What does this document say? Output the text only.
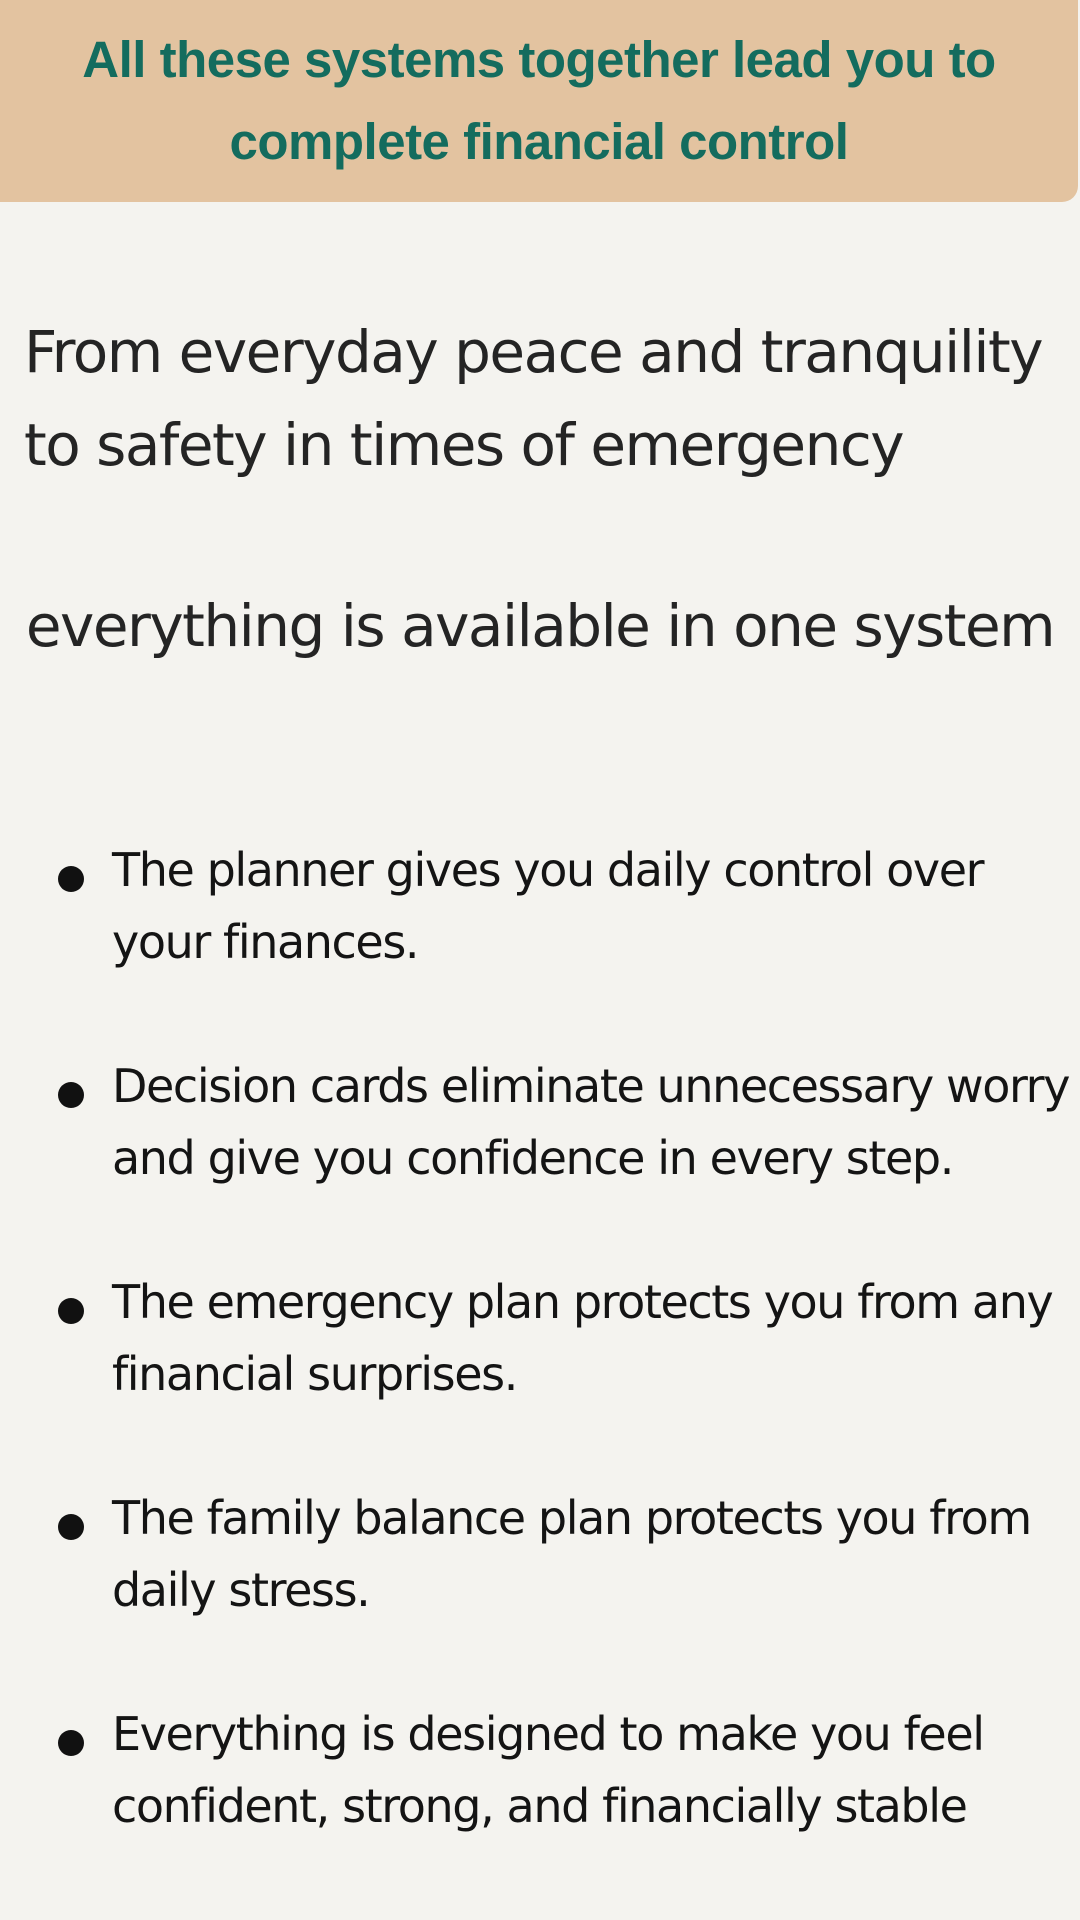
All these systems together lead you to complete financial control

From everyday peace and tranquility to safety in times of emergency

everything is available in one system

The planner gives you daily control over your finances.
Decision cards eliminate unnecessary worry and give you confidence in every step.
The emergency plan protects you from any financial surprises.
The family balance plan protects you from daily stress.
Everything is designed to make you feel confident, strong, and financially stable
